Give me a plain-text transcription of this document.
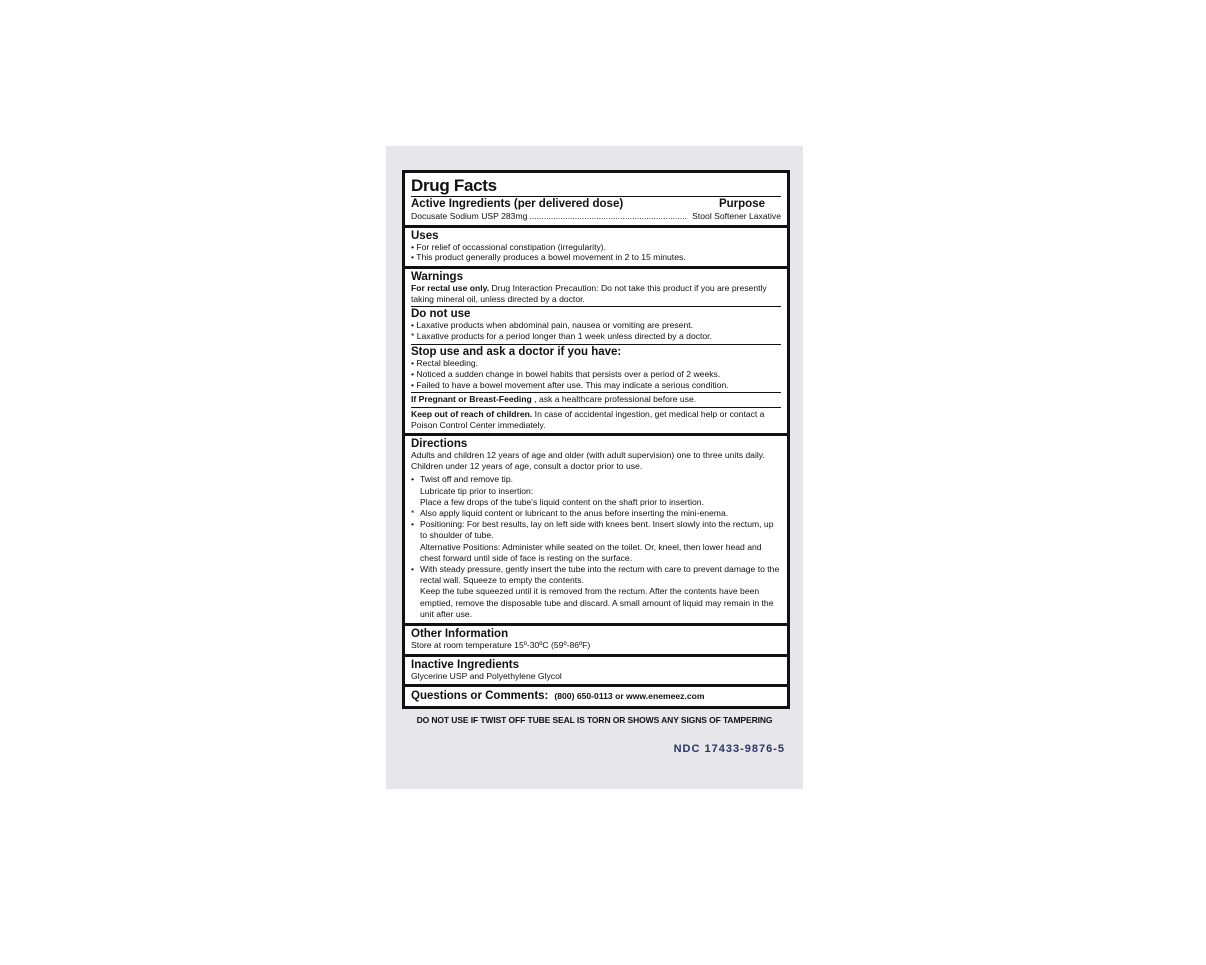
Drug Facts
Active Ingredients (per delivered dose)	Purpose
Docusate Sodium USP 283mg .................................................................. Stool Softener Laxative
Uses
• For relief of occassional constipation (irregularity).
• This product generally produces a bowel movement in 2 to 15 minutes.
Warnings
For rectal use only. Drug Interaction Precaution: Do not take this product if you are presently taking mineral oil, unless directed by a doctor.
Do not use
• Laxative products when abdominal pain, nausea or vomiting are present.
* Laxative products for a period longer than 1 week unless directed by a doctor.
Stop use and ask a doctor if you have:
• Rectal bleeding.
• Noticed a sudden change in bowel habits that persists over a period of 2 weeks.
• Failed to have a bowel movement after use. This may indicate a serious condition.
If Pregnant or Breast-Feeding , ask a healthcare professional before use.
Keep out of reach of children. In case of accidental ingestion, get medical help or contact a Poison Control Center immediately.
Directions
Adults and children 12 years of age and older (with adult supervision) one to three units daily. Children under 12 years of age, consult a doctor prior to use.
• Twist off and remove tip.
Lubricate tip prior to insertion:
Place a few drops of the tube's liquid content on the shaft prior to insertion.
* Also apply liquid content or lubricant to the anus before inserting the mini-enema.
• Positioning: For best results, lay on left side with knees bent. Insert slowly into the rectum, up to shoulder of tube.
Alternative Positions: Administer while seated on the toilet. Or, kneel, then lower head and chest forward until side of face is resting on the surface.
• With steady pressure, gently insert the tube into the rectum with care to prevent damage to the rectal wall. Squeeze to empty the contents.
Keep the tube squeezed until it is removed from the rectum. After the contents have been emptied, remove the disposable tube and discard. A small amount of liquid may remain in the unit after use.
Other Information
Store at room temperature 15º-30ºC (59º-86ºF)
Inactive Ingredients
Glycerine USP and Polyethylene Glycol
Questions or Comments: (800) 650-0113 or www.enemeez.com
DO NOT USE IF TWIST OFF TUBE SEAL IS TORN OR SHOWS ANY SIGNS OF TAMPERING
NDC 17433-9876-5
